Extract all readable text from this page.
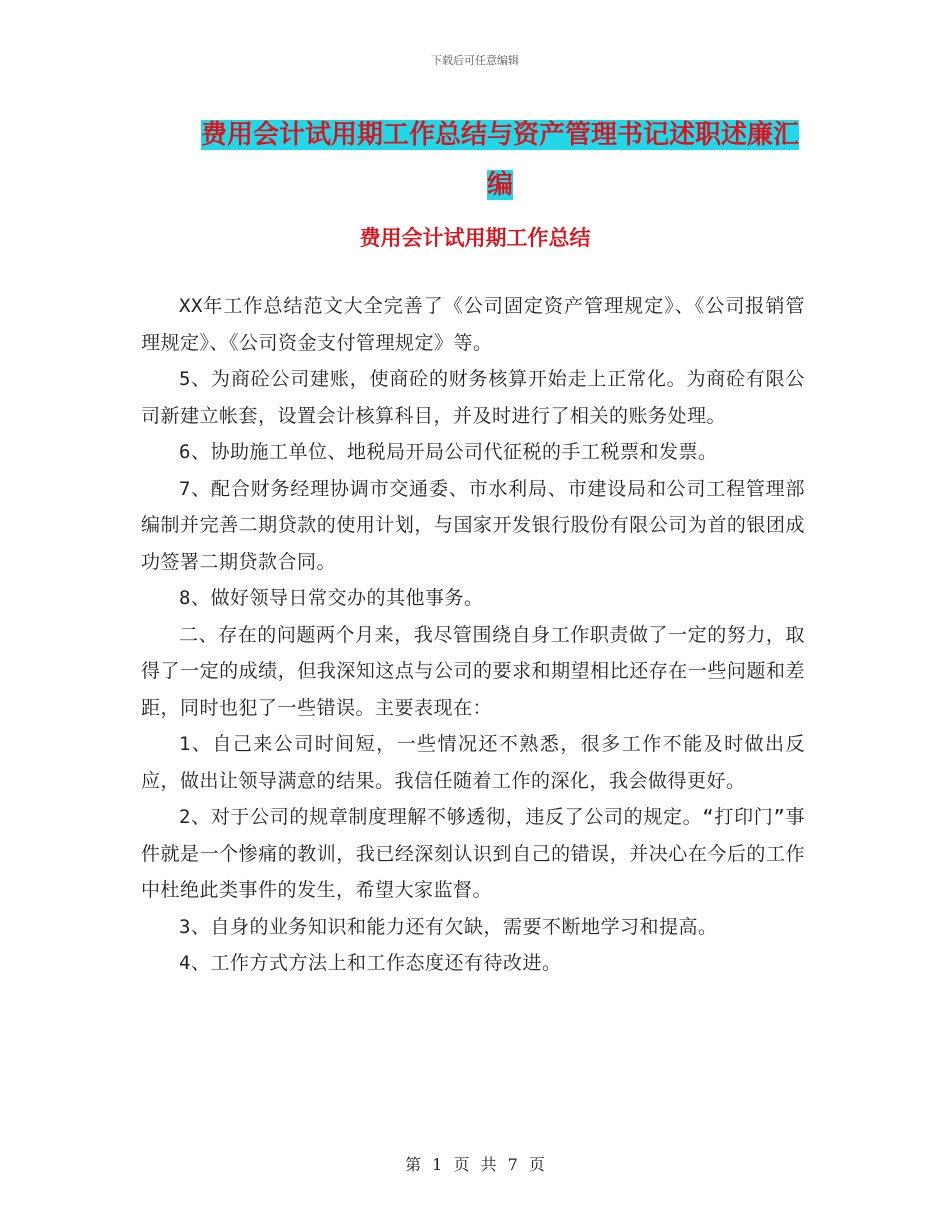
下载后可任意编辑
费用会计试用期工作总结与资产管理书记述职述廉汇编
费用会计试用期工作总结

XX年工作总结范文大全完善了《公司固定资产管理规定》、《公司报销管理规定》、《公司资金支付管理规定》等。

5、为商砼公司建账，使商砼的财务核算开始走上正常化。为商砼有限公司新建立帐套，设置会计核算科目，并及时进行了相关的账务处理。

6、协助施工单位、地税局开局公司代征税的手工税票和发票。

7、配合财务经理协调市交通委、市水利局、市建设局和公司工程管理部编制并完善二期贷款的使用计划，与国家开发银行股份有限公司为首的银团成功签署二期贷款合同。

8、做好领导日常交办的其他事务。

二、存在的问题两个月来，我尽管围绕自身工作职责做了一定的努力，取得了一定的成绩，但我深知这点与公司的要求和期望相比还存在一些问题和差距，同时也犯了一些错误。主要表现在：

1、自己来公司时间短，一些情况还不熟悉，很多工作不能及时做出反应，做出让领导满意的结果。我信任随着工作的深化，我会做得更好。

2、对于公司的规章制度理解不够透彻，违反了公司的规定。“打印门”事件就是一个惨痛的教训，我已经深刻认识到自己的错误，并决心在今后的工作中杜绝此类事件的发生，希望大家监督。

3、自身的业务知识和能力还有欠缺，需要不断地学习和提高。

4、工作方式方法上和工作态度还有待改进。

第 1 页 共 7 页
